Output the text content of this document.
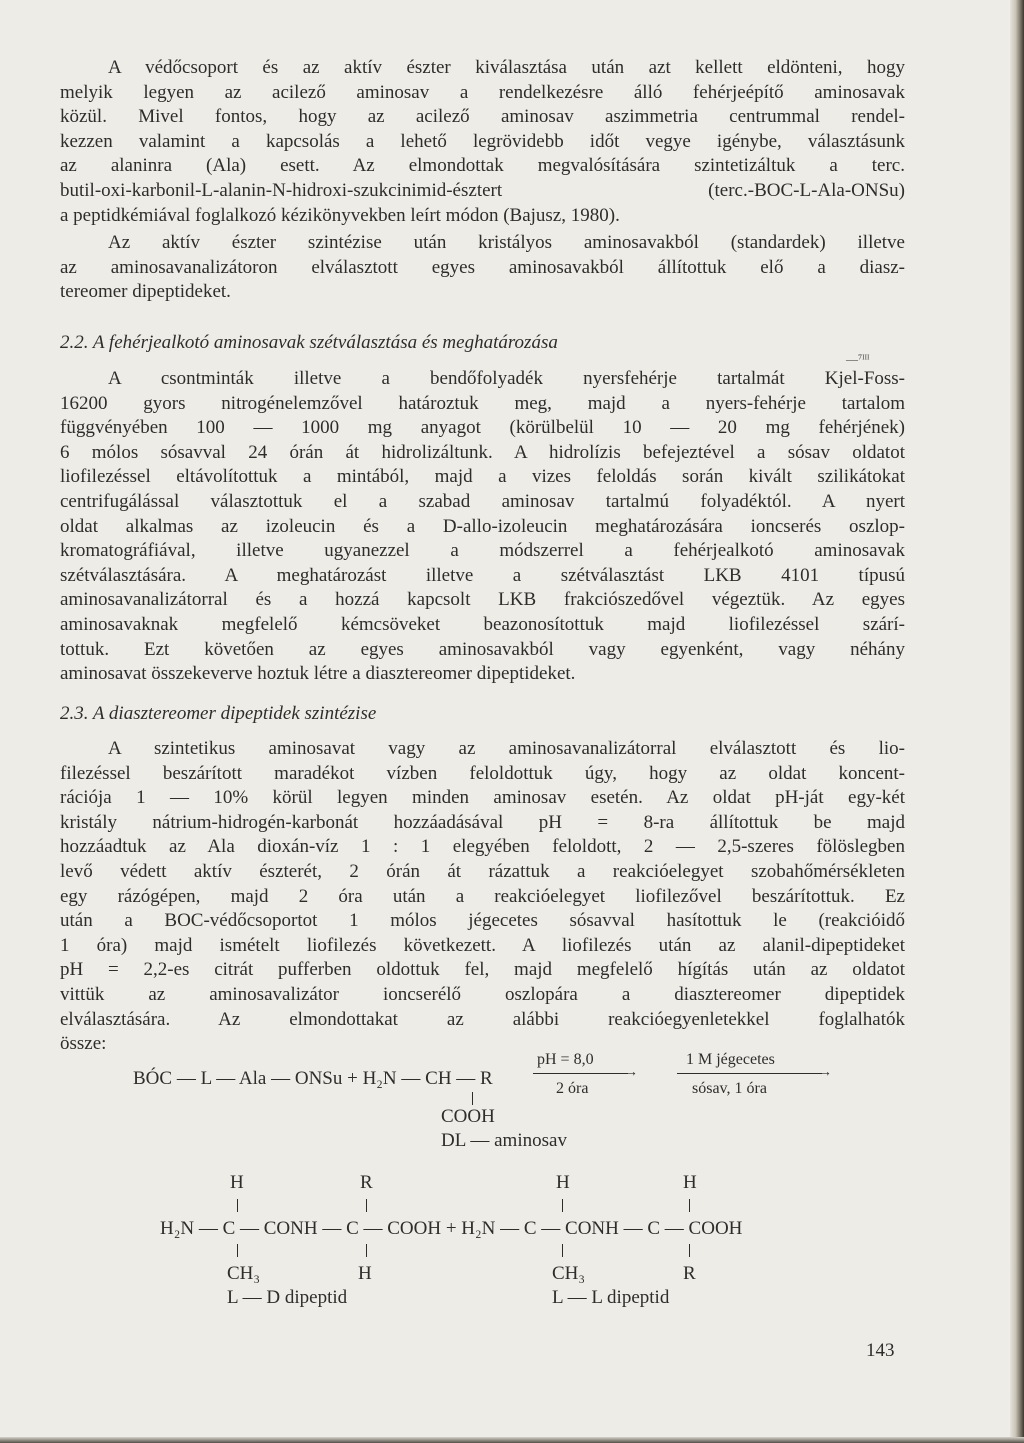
A védőcsoport és az aktív észter kiválasztása után azt kellett eldönteni, hogy

melyik legyen az acilező aminosav a rendelkezésre álló fehérjeépítő aminosavak
közül. Mivel fontos, hogy az acilező aminosav aszimmetria centrummal rendel-
kezzen valamint a kapcsolás a lehető legrövidebb időt vegye igénybe, választásunk
az alaninra (Ala) esett. Az elmondottak megvalósítására szintetizáltuk a terc.
butil-oxi-karbonil-L-alanin-N-hidroxi-szukcinimid-észtert (terc.-BOC-L-Ala-ONSu)
a peptidkémiával foglalkozó kézikönyvekben leírt módon (Bajusz, 1980).

Az aktív észter szintézise után kristályos aminosavakból (standardek) illetve
az aminosavanalizátoron elválasztott egyes aminosavakból állítottuk elő a diasz-
tereomer dipeptideket.

2.2. A fehérjealkotó aminosavak szétválasztása és meghatározása
—⁷ᴵᴵᴵ

A csontminták illetve a bendőfolyadék nyersfehérje tartalmát Kjel-Foss-
16200 gyors nitrogénelemzővel határoztuk meg, majd a nyers-fehérje tartalom
függvényében 100 — 1000 mg anyagot (körülbelül 10 — 20 mg fehérjének)
6 mólos sósavval 24 órán át hidrolizáltunk. A hidrolízis befejeztével a sósav oldatot
liofilezéssel eltávolítottuk a mintából, majd a vizes feloldás során kivált szilikátokat
centrifugálással választottuk el a szabad aminosav tartalmú folyadéktól. A nyert
oldat alkalmas az izoleucin és a D-allo-izoleucin meghatározására ioncserés oszlop-
kromatográfiával, illetve ugyanezzel a módszerrel a fehérjealkotó aminosavak
szétválasztására. A meghatározást illetve a szétválasztást LKB 4101 típusú
aminosavanalizátorral és a hozzá kapcsolt LKB frakciószedővel végeztük. Az egyes
aminosavaknak megfelelő kémcsöveket beazonosítottuk majd liofilezéssel szárí-
tottuk. Ezt követően az egyes aminosavakból vagy egyenként, vagy néhány
aminosavat összekeverve hoztuk létre a diasztereomer dipeptideket.

2.3. A diasztereomer dipeptidek szintézise

A szintetikus aminosavat vagy az aminosavanalizátorral elválasztott és lio-
filezéssel beszárított maradékot vízben feloldottuk úgy, hogy az oldat koncent-
rációja 1 — 10% körül legyen minden aminosav esetén. Az oldat pH-ját egy-két
kristály nátrium-hidrogén-karbonát hozzáadásával pH = 8-ra állítottuk be majd
hozzáadtuk az Ala dioxán-víz 1 : 1 elegyében feloldott, 2 — 2,5-szeres fölöslegben
levő védett aktív észterét, 2 órán át rázattuk a reakcióelegyet szobahőmérsékleten
egy rázógépen, majd 2 óra után a reakcióelegyet liofilezővel beszárítottuk. Ez
után a BOC-védőcsoportot 1 mólos jégecetes sósavval hasítottuk le (reakcióidő
1 óra) majd ismételt liofilezés következett. A liofilezés után az alanil-dipeptideket
pH = 2,2-es citrát pufferben oldottuk fel, majd megfelelő hígítás után az oldatot
vittük az aminosavalizátor ioncserélő oszlopára a diasztereomer dipeptidek
elválasztására. Az elmondottakat az alábbi reakcióegyenletekkel foglalhatók
össze:

BÓC — L — Ala — ONSu + H₂N — CH — R
pH = 8,0
→
2 óra
1 M jégecetes
→
sósav, 1 óra
COOH
DL — aminosav
H	R	H	H
H₂N — C — CONH — C — COOH + H₂N — C — CONH — C — COOH
CH₃	H	CH₃	R
L — D dipeptid	L — L dipeptid
143
